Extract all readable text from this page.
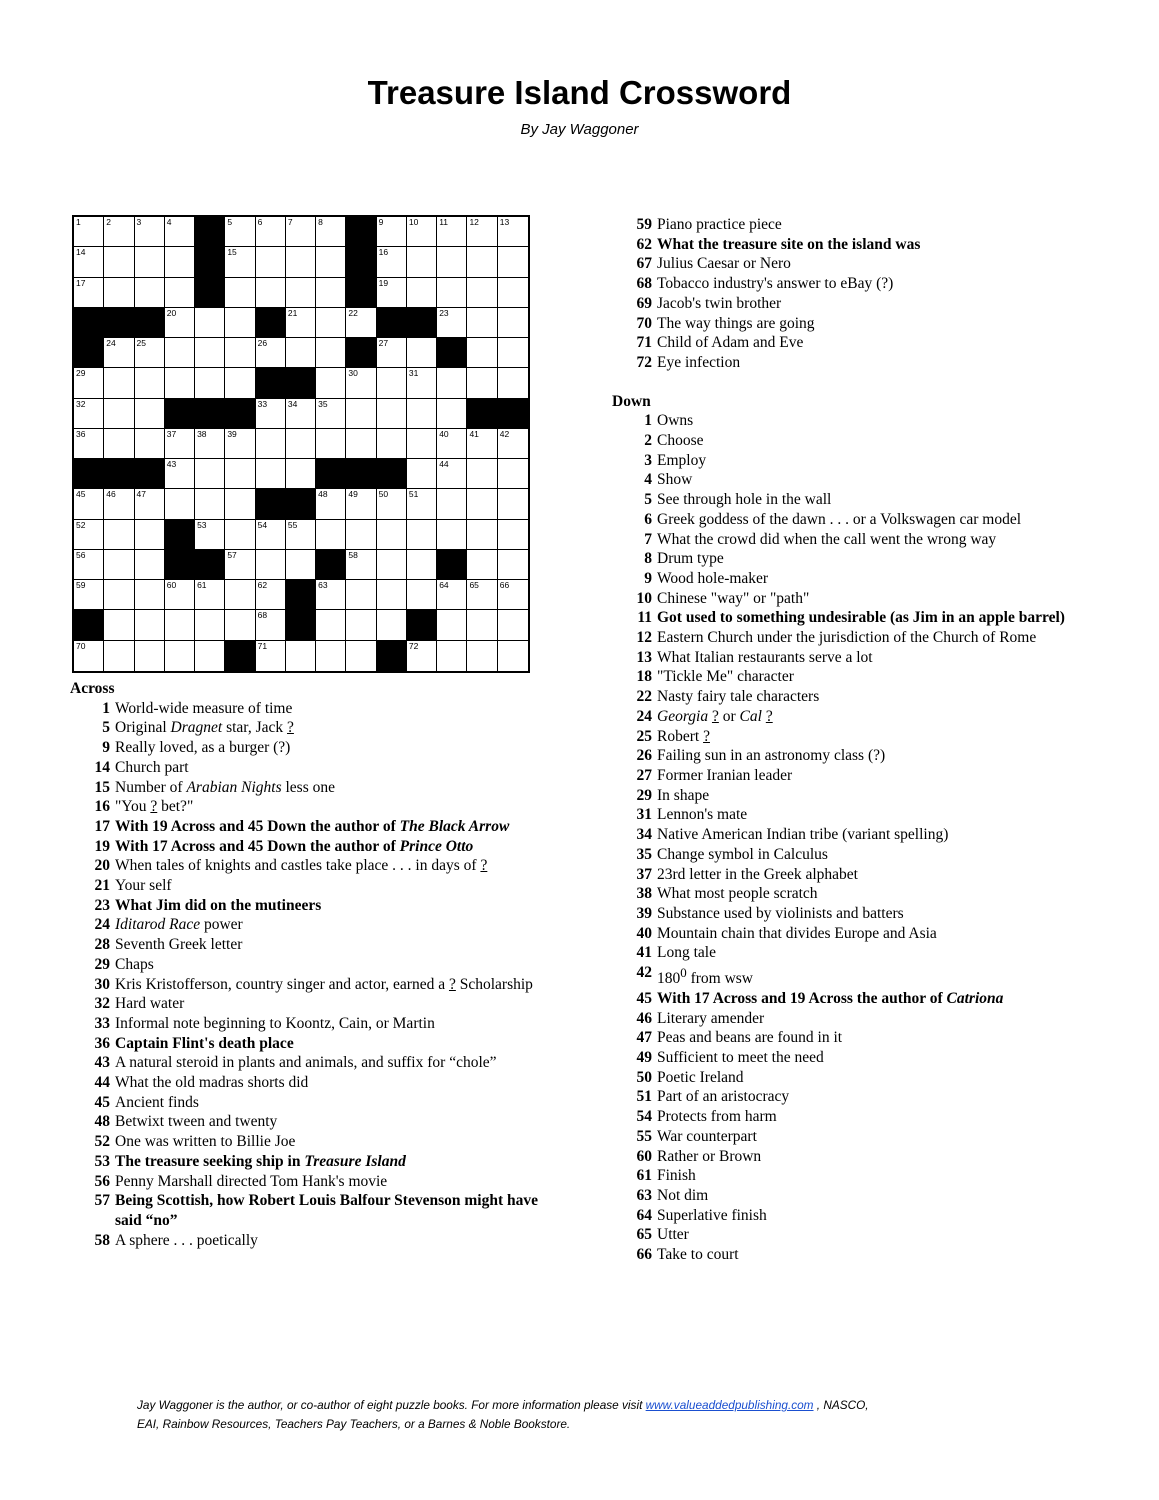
Treasure Island Crossword
By Jay Waggoner
1	2	3	4	5	6	7	8	9	10 11	12 13
14	15	16
17	18	19
20	21	22	23
24 25	26	27	28
29	30	31
32	33 34 35
36	37 38 39	40 41 42
43	44
45 46 47	48 49 50 51
52	53	54 55
56	57	58
59	60 61	62	63	64 65 66
67	68	69
70	71	72
Across
1 World-wide measure of time
5 Original Dragnet star, Jack ?
9 Really loved, as a burger (?)
14 Church part
15 Number of Arabian Nights less one
16 "You ? bet?"
17 With 19 Across and 45 Down the author of The Black Arrow
19 With 17 Across and 45 Down the author of Prince Otto
20 When tales of knights and castles take place . . . in days of ?
21 Your self
23 What Jim did on the mutineers
24 Iditarod Race power
28 Seventh Greek letter
29 Chaps
30 Kris Kristofferson, country singer and actor, earned a ? Scholarship
32 Hard water
33 Informal note beginning to Koontz, Cain, or Martin
36 Captain Flint's death place
43 A natural steroid in plants and animals, and suffix for “chole”
44 What the old madras shorts did
45 Ancient finds
48 Betwixt tween and twenty
52 One was written to Billie Joe
53 The treasure seeking ship in Treasure Island
56 Penny Marshall directed Tom Hank's movie
57 Being Scottish, how Robert Louis Balfour Stevenson might have said “no”
58 A sphere . . . poetically
59 Piano practice piece
62 What the treasure site on the island was
67 Julius Caesar or Nero
68 Tobacco industry's answer to eBay (?)
69 Jacob's twin brother
70 The way things are going
71 Child of Adam and Eve
72 Eye infection
Down
1 Owns
2 Choose
3 Employ
4 Show
5 See through hole in the wall
6 Greek goddess of the dawn . . . or a Volkswagen car model
7 What the crowd did when the call went the wrong way
8 Drum type
9 Wood hole-maker
10 Chinese "way" or "path"
11 Got used to something undesirable (as Jim in an apple barrel)
12 Eastern Church under the jurisdiction of the Church of Rome
13 What Italian restaurants serve a lot
18 "Tickle Me" character
22 Nasty fairy tale characters
24 Georgia ? or Cal ?
25 Robert ?
26 Failing sun in an astronomy class (?)
27 Former Iranian leader
29 In shape
31 Lennon's mate
34 Native American Indian tribe (variant spelling)
35 Change symbol in Calculus
37 23rd letter in the Greek alphabet
38 What most people scratch
39 Substance used by violinists and batters
40 Mountain chain that divides Europe and Asia
41 Long tale
42 $180^0$ from wsw
45 With 17 Across and 19 Across the author of Catriona
46 Literary amender
47 Peas and beans are found in it
49 Sufficient to meet the need
50 Poetic Ireland
51 Part of an aristocracy
54 Protects from harm
55 War counterpart
60 Rather or Brown
61 Finish
63 Not dim
64 Superlative finish
65 Utter
66 Take to court
Jay Waggoner is the author, or co-author of eight puzzle books. For more information please visit www.valueaddedpublishing.com , NASCO,
EAI, Rainbow Resources, Teachers Pay Teachers, or a Barnes & Noble Bookstore.
